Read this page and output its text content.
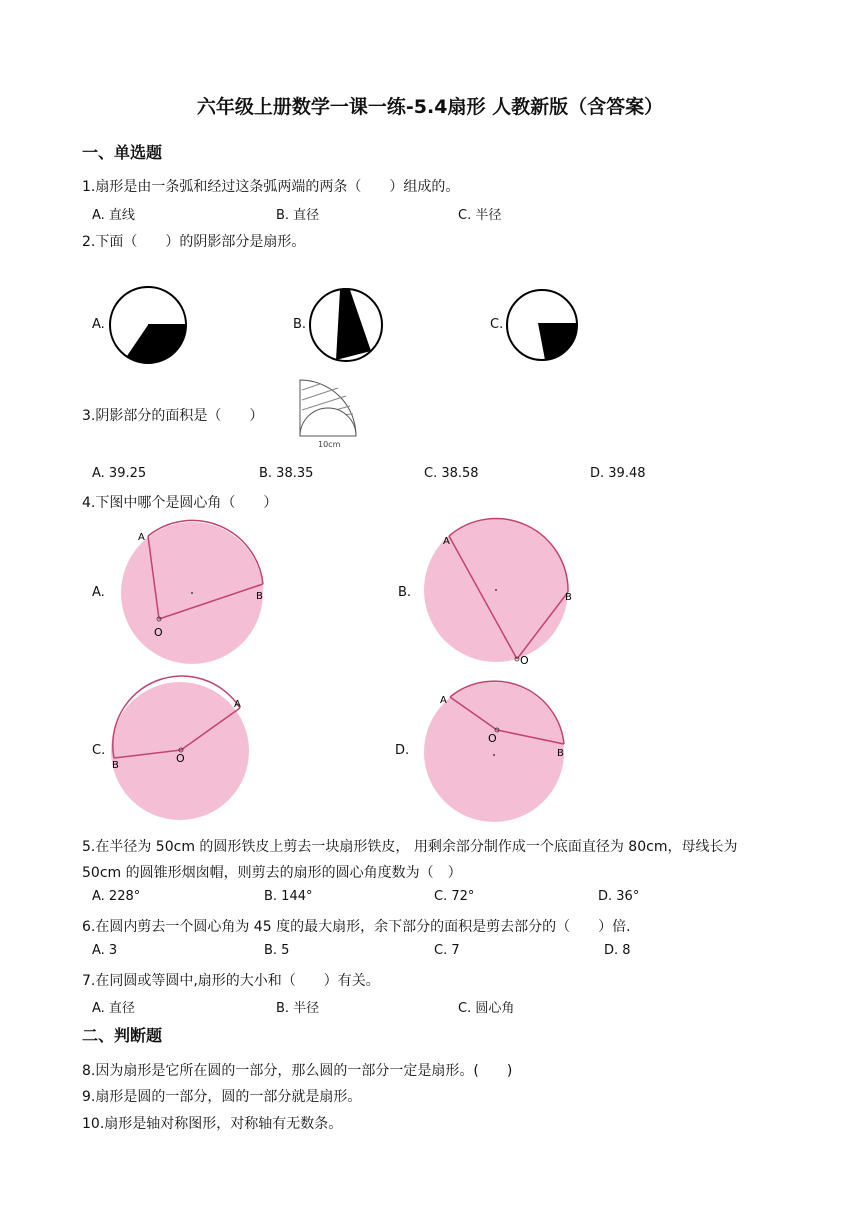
六年级上册数学一课一练-5.4扇形 人教新版（含答案）
一、单选题
1.扇形是由一条弧和经过这条弧两端的两条（　　）组成的。
A. 直线	B. 直径	C. 半径
2.下面（　　）的阴影部分是扇形。
A.	B.	C.
3.阴影部分的面积是（　　）
10cm
A. 39.25	B. 38.35	C. 38.58	D. 39.48
4.下图中哪个是圆心角（　　）
A.	B.
C.	D.
A
B
O
A
B
O
A
B
O
A
B
O
5.在半径为 50cm 的圆形铁皮上剪去一块扇形铁皮， 用剩余部分制作成一个底面直径为 80cm，母线长为
50cm 的圆锥形烟囱帽，则剪去的扇形的圆心角度数为（　）
A. 228°	B. 144°	C. 72°	D. 36°
6.在圆内剪去一个圆心角为 45 度的最大扇形，余下部分的面积是剪去部分的（　　）倍.
A. 3	B. 5	C. 7	D. 8
7.在同圆或等圆中,扇形的大小和（　　）有关。
A. 直径	B. 半径	C. 圆心角
二、判断题
8.因为扇形是它所在圆的一部分，那么圆的一部分一定是扇形。(　　)
9.扇形是圆的一部分，圆的一部分就是扇形。
10.扇形是轴对称图形，对称轴有无数条。
